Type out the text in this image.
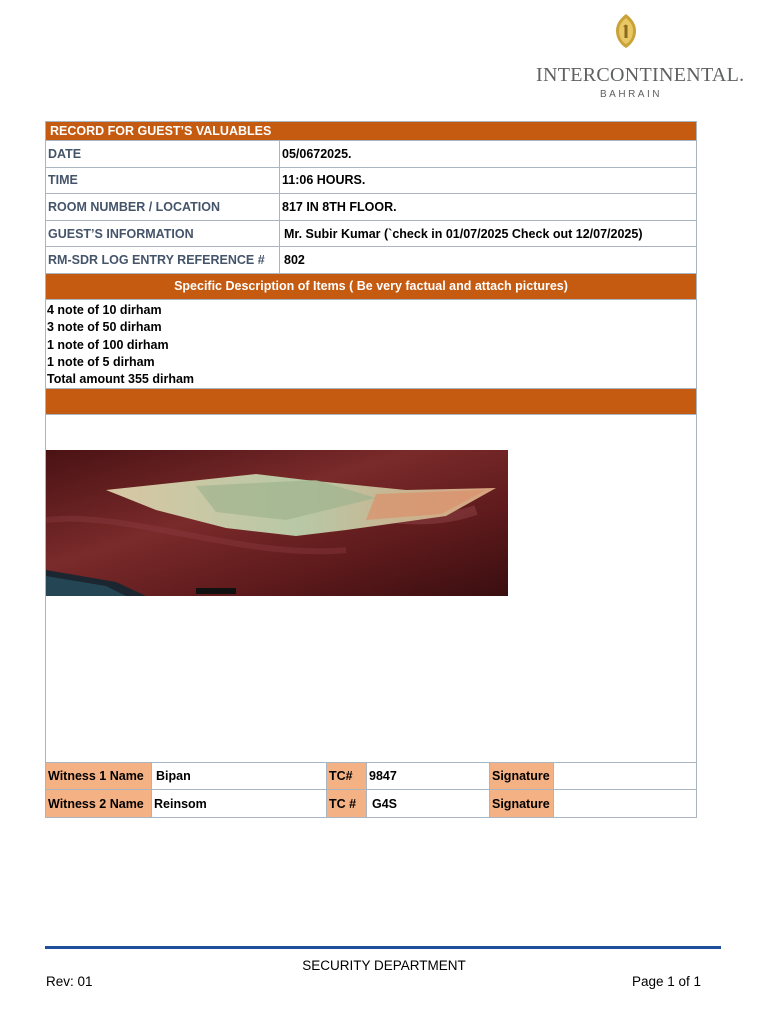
INTERCONTINENTAL.
BAHRAIN
RECORD FOR GUEST’S VALUABLES
DATE	05/0672025.
TIME	11:06 HOURS.
ROOM NUMBER / LOCATION	817 IN 8TH FLOOR.
GUEST’S INFORMATION	Mr. Subir Kumar (`check in 01/07/2025 Check out 12/07/2025)
RM-SDR LOG ENTRY REFERENCE #	802
Specific Description of Items ( Be very factual and attach pictures)
4 note of 10 dirham
3 note of 50 dirham
1 note of 100 dirham
1 note of 5 dirham
Total amount 355 dirham
Witness 1 Name Bipan	TC#	9847	Signature
Witness 2 Name Reinsom	TC #	G4S	Signature
SECURITY DEPARTMENT
Rev: 01	Page 1 of 1
